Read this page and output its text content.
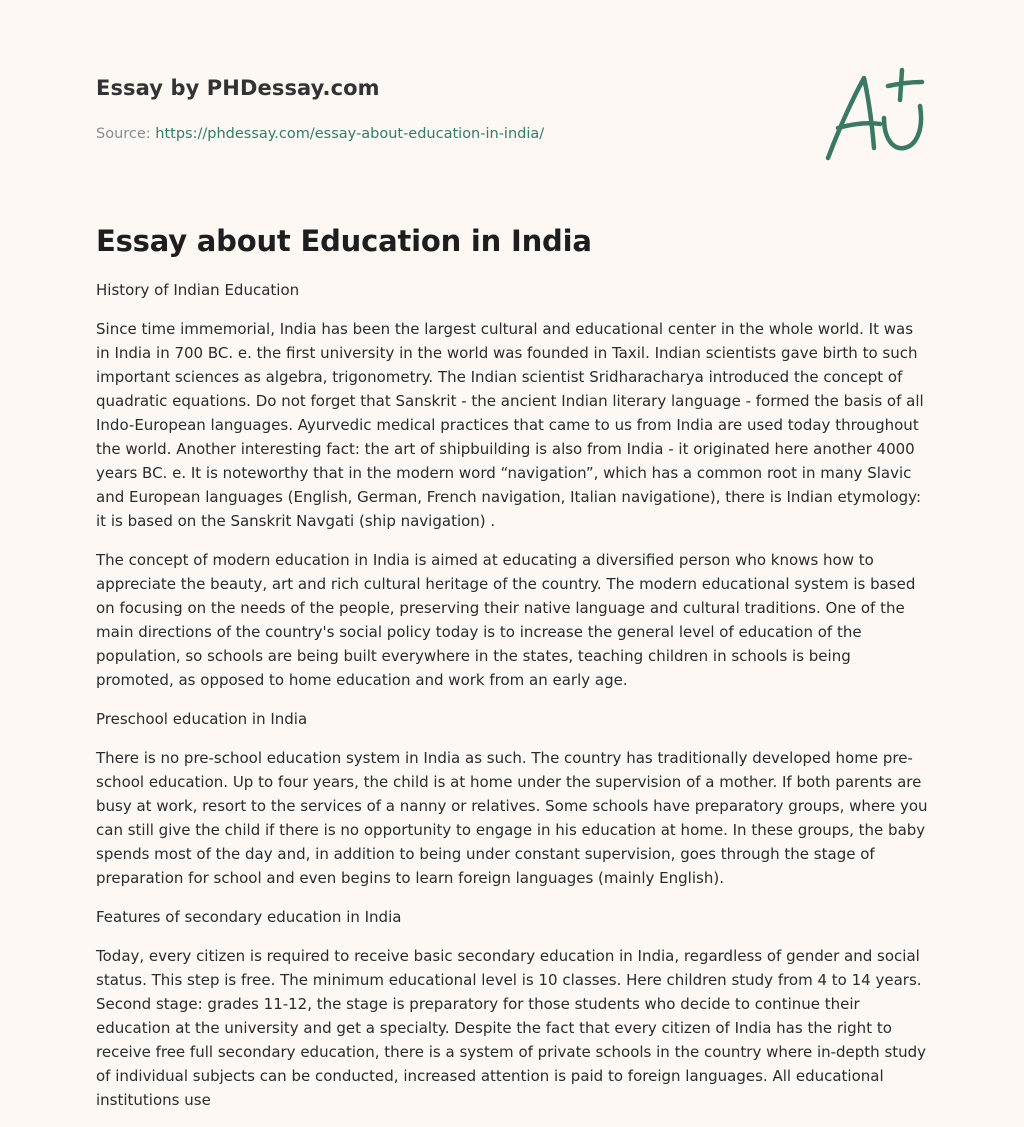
Essay by PHDessay.com
Source: https://phdessay.com/essay-about-education-in-india/
Essay about Education in India
History of Indian Education

Since time immemorial, India has been the largest cultural and educational center in the whole world. It was in India in 700 BC. e. the first university in the world was founded in Taxil. Indian scientists gave birth to such important sciences as algebra, trigonometry. The Indian scientist Sridharacharya introduced the concept of quadratic equations. Do not forget that Sanskrit - the ancient Indian literary language - formed the basis of all Indo-European languages. Ayurvedic medical practices that came to us from India are used today throughout the world. Another interesting fact: the art of shipbuilding is also from India - it originated here another 4000 years BC. e. It is noteworthy that in the modern word “navigation”, which has a common root in many Slavic and European languages (English, German, French navigation, Italian navigatione), there is Indian etymology: it is based on the Sanskrit Navgati (ship navigation) .

The concept of modern education in India is aimed at educating a diversified person who knows how to appreciate the beauty, art and rich cultural heritage of the country. The modern educational system is based on focusing on the needs of the people, preserving their native language and cultural traditions. One of the main directions of the country's social policy today is to increase the general level of education of the population, so schools are being built everywhere in the states, teaching children in schools is being promoted, as opposed to home education and work from an early age.

Preschool education in India

There is no pre-school education system in India as such. The country has traditionally developed home pre-school education. Up to four years, the child is at home under the supervision of a mother. If both parents are busy at work, resort to the services of a nanny or relatives. Some schools have preparatory groups, where you can still give the child if there is no opportunity to engage in his education at home. In these groups, the baby spends most of the day and, in addition to being under constant supervision, goes through the stage of preparation for school and even begins to learn foreign languages (mainly English).

Features of secondary education in India

Today, every citizen is required to receive basic secondary education in India, regardless of gender and social status. This step is free. The minimum educational level is 10 classes. Here children study from 4 to 14 years. Second stage: grades 11-12, the stage is preparatory for those students who decide to continue their education at the university and get a specialty. Despite the fact that every citizen of India has the right to receive free full secondary education, there is a system of private schools in the country where in-depth study of individual subjects can be conducted, increased attention is paid to foreign languages. All educational institutions use
